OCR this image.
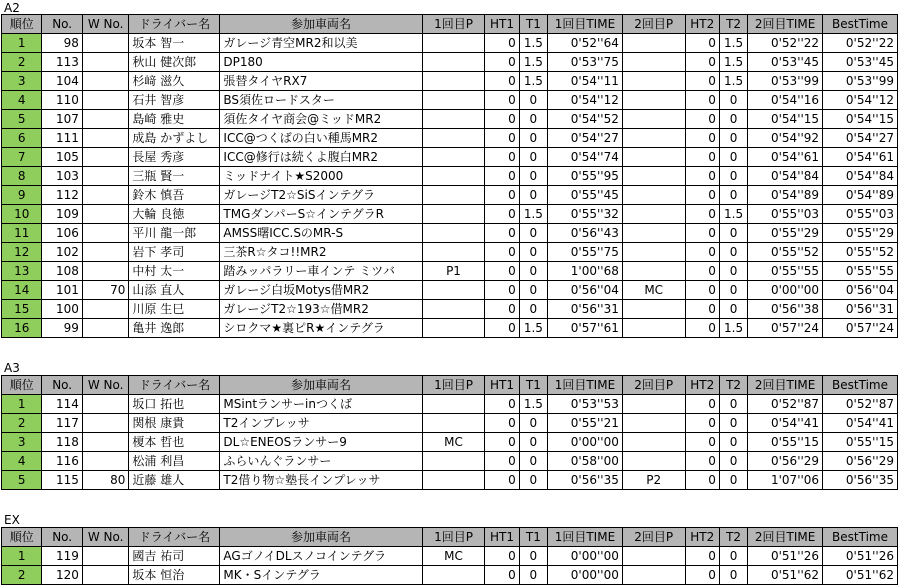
A2
順位	No.	W No.	ドライバー名	参加車両名	1回目P	HT1	T1	1回目TIME	2回目P	HT2	T2	2回目TIME	BestTime
1	98		坂本 智一	ガレージ青空MR2和以美		0	1.5	0'52''64		0	1.5	0'52''22	0'52''22
2	113		秋山 健次郎	DP180		0	1.5	0'53''75		0	1.5	0'53''45	0'53''45
3	104		杉﨑 滋久	張替タイヤRX7		0	1.5	0'54''11		0	1.5	0'53''99	0'53''99
4	110		石井 智彦	BS須佐ロードスター		0	0	0'54''12		0	0	0'54''16	0'54''12
5	107		島崎 雅史	須佐タイヤ商会@ミッドMR2		0	0	0'54''52		0	0	0'54''15	0'54''15
6	111		成島 かずよし	ICC@つくばの白い種馬MR2		0	0	0'54''27		0	0	0'54''92	0'54''27
7	105		長屋 秀彦	ICC@修行は続くよ腹白MR2		0	0	0'54''74		0	0	0'54''61	0'54''61
8	103		三瓶 賢一	ミッドナイト★S2000		0	0	0'55''95		0	0	0'54''84	0'54''84
9	112		鈴木 慎吾	ガレージT2☆SiSインテグラ		0	0	0'55''45		0	0	0'54''89	0'54''89
10	109		大輪 良徳	TMGダンパーS☆インテグラR		0	1.5	0'55''32		0	1.5	0'55''03	0'55''03
11	106		平川 龍一郎	AMSS曙ICC.SのMR-S		0	0	0'56''43		0	0	0'55''29	0'55''29
12	102		岩下 孝司	三茶R☆タコ!!MR2		0	0	0'55''75		0	0	0'55''52	0'55''52
13	108		中村 太一	踏みッパラリー車インテ ミツバ	P1	0	0	1'00''68		0	0	0'55''55	0'55''55
14	101	70	山添 直人	ガレージ白坂Motys借MR2		0	0	0'56''04	MC	0	0	0'00''00	0'56''04
15	100		川原 生巳	ガレージT2☆193☆借MR2		0	0	0'56''31		0	0	0'56''38	0'56''31
16	99		亀井 逸郎	シロクマ★裏ピR★インテグラ		0	1.5	0'57''61		0	1.5	0'57''24	0'57''24
A3
順位	No.	W No.	ドライバー名	参加車両名	1回目P	HT1	T1	1回目TIME	2回目P	HT2	T2	2回目TIME	BestTime
1	114		坂口 拓也	MSintランサーinつくば		0	1.5	0'53''53		0	0	0'52''87	0'52''87
2	117		関根 康貴	T2インプレッサ		0	0	0'55''21		0	0	0'54''41	0'54''41
3	118		榎本 哲也	DL☆ENEOSランサー9	MC	0	0	0'00''00		0	0	0'55''15	0'55''15
4	116		松浦 利昌	ふらいんぐランサー		0	0	0'58''00		0	0	0'56''29	0'56''29
5	115	80	近藤 雄人	T2借り物☆塾長インプレッサ		0	0	0'56''35	P2	0	0	1'07''06	0'56''35
EX
順位	No.	W No.	ドライバー名	参加車両名	1回目P	HT1	T1	1回目TIME	2回目P	HT2	T2	2回目TIME	BestTime
1	119		國吉 祐司	AGゴノイDLスノコインテグラ	MC	0	0	0'00''00		0	0	0'51''26	0'51''26
2	120		坂本 恒治	MK・Sインテグラ		0	0	0'00''00		0	0	0'51''62	0'51''62
